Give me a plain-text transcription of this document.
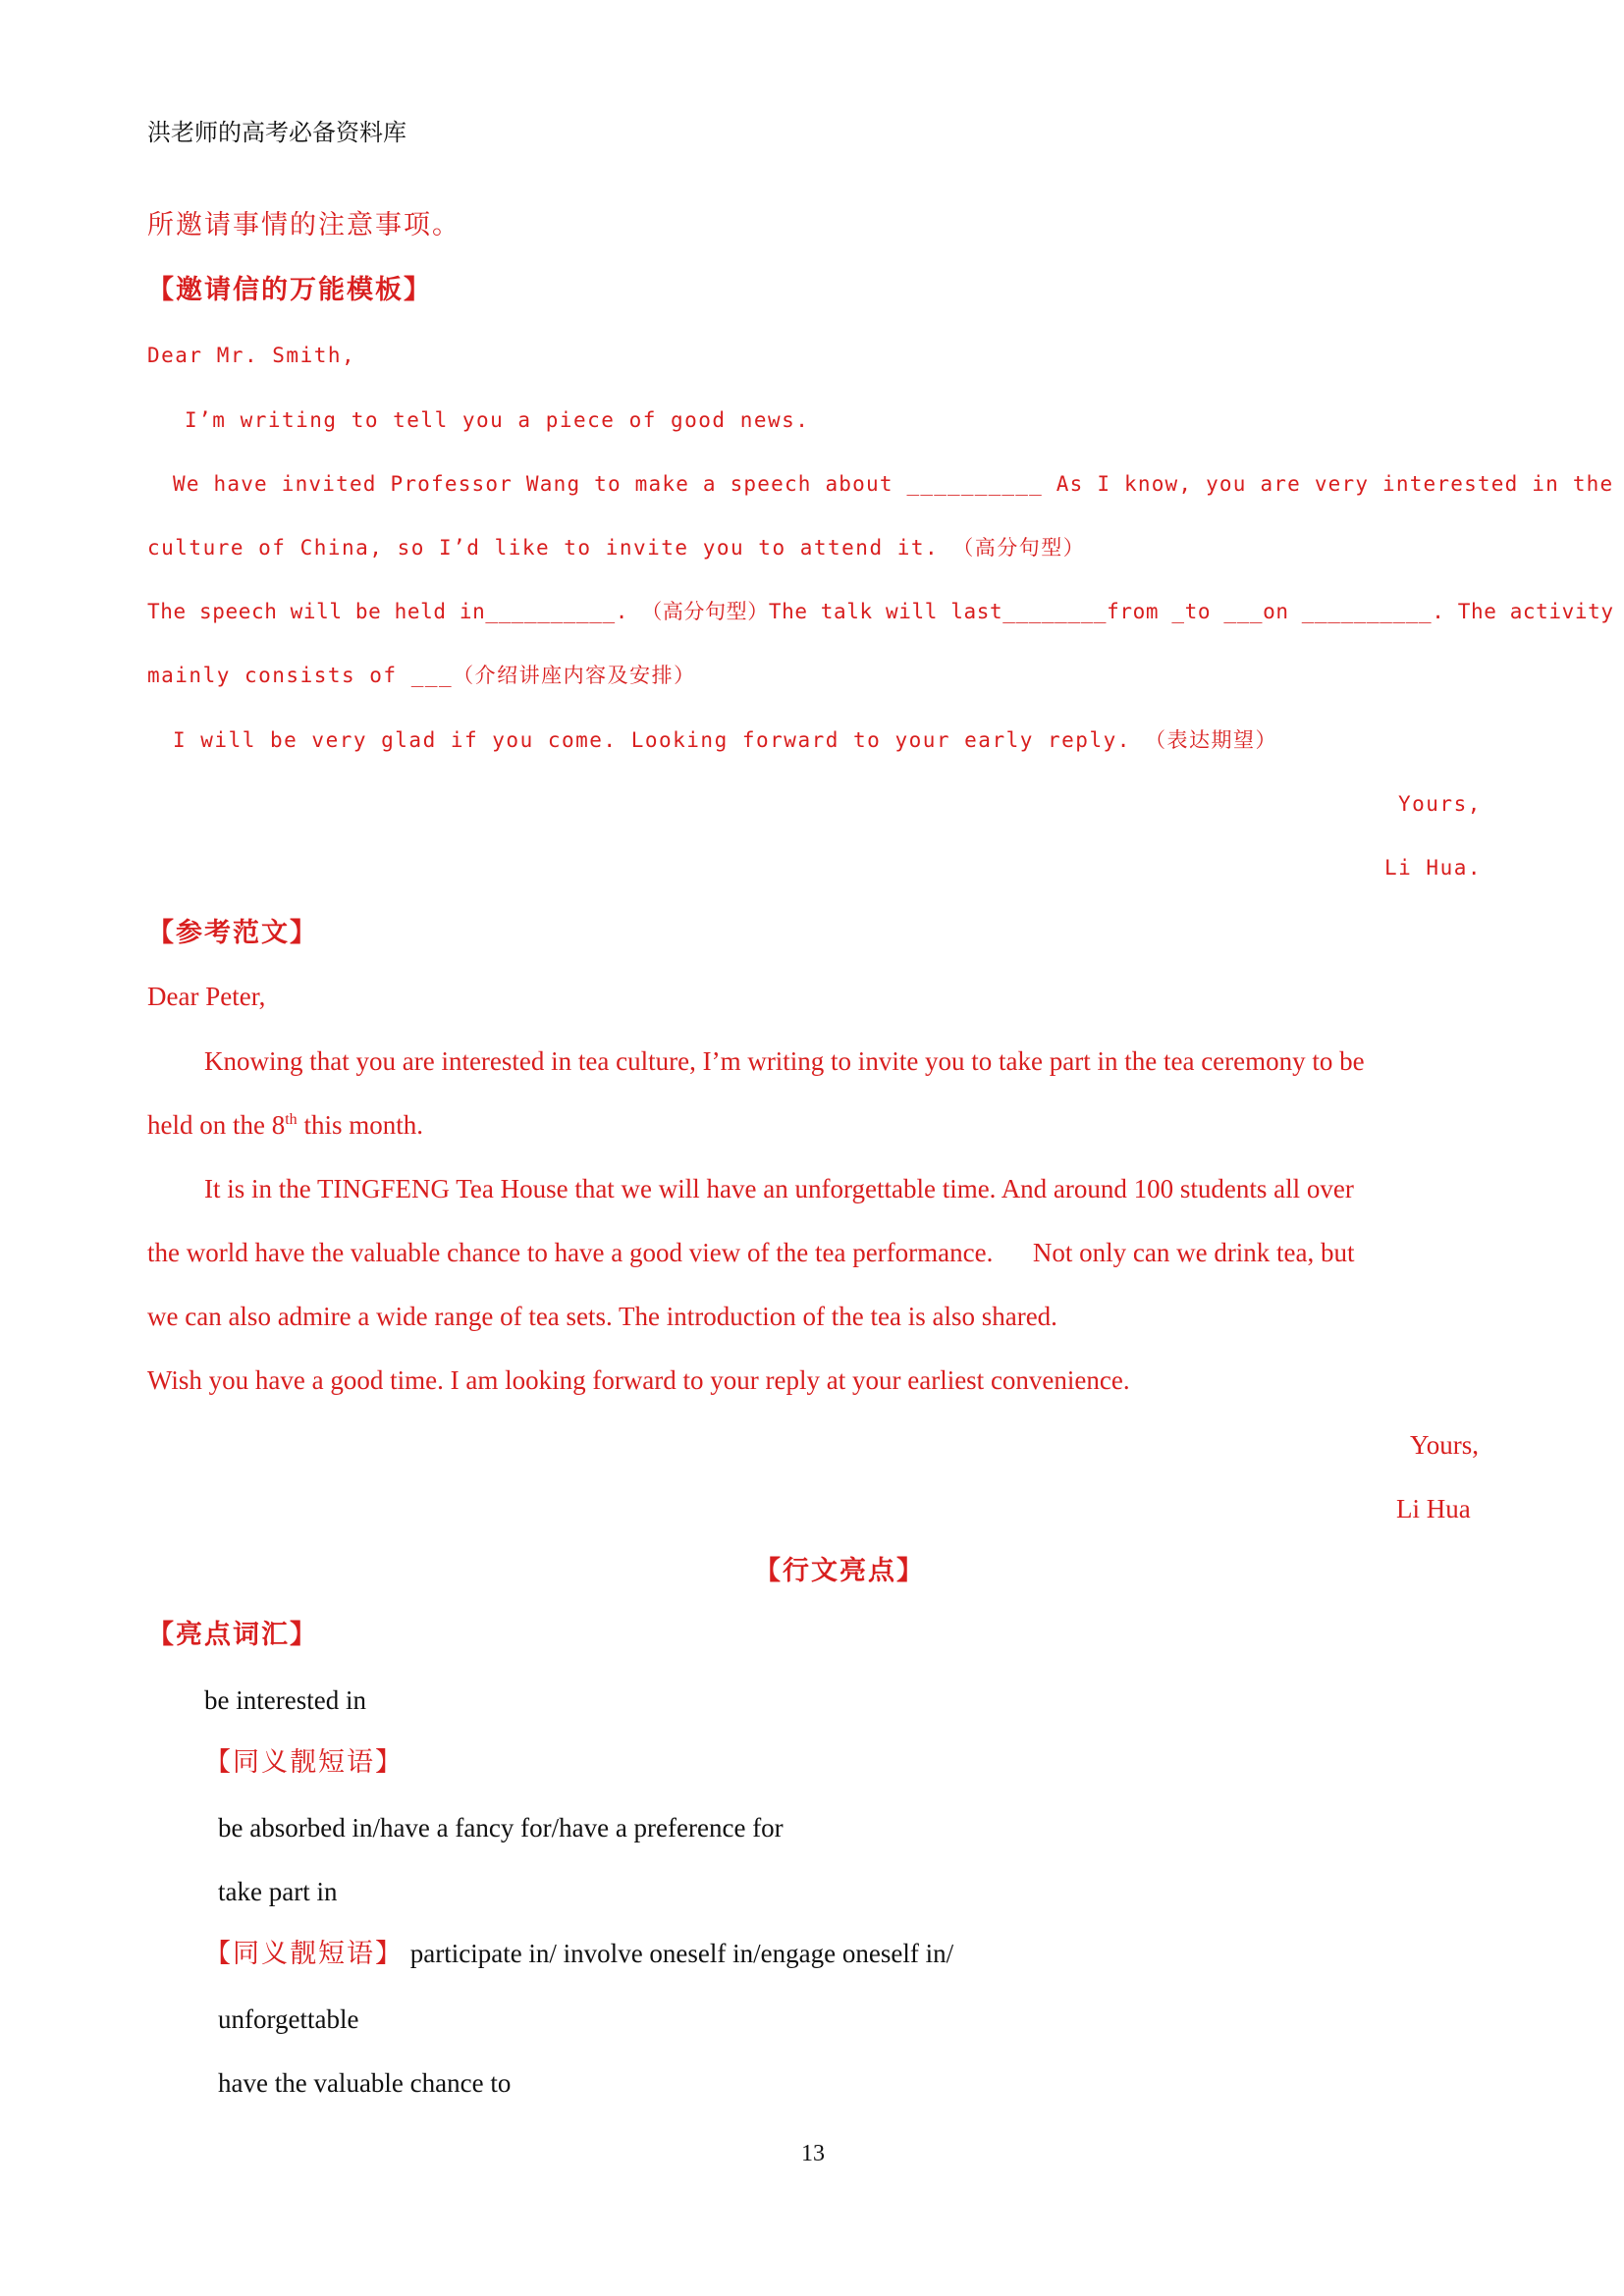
洪老师的高考必备资料库
所邀请事情的注意事项。
【邀请信的万能模板】
Dear Mr. Smith,
I’m writing to tell you a piece of good news.
We have invited Professor Wang to make a speech about __________ As I know, you are very interested in the
culture of China, so I’d like to invite you to attend it. （高分句型）
The speech will be held in__________. （高分句型）The talk will last________from _to ___on __________. The activity
mainly consists of ___（介绍讲座内容及安排）
I will be very glad if you come. Looking forward to your early reply. （表达期望）
Yours,
Li Hua.
【参考范文】
Dear Peter,
Knowing that you are interested in tea culture, I’m writing to invite you to take part in the tea ceremony to be
held on the 8th this month.
It is in the TINGFENG Tea House that we will have an unforgettable time. And around 100 students all over
the world have the valuable chance to have a good view of the tea performance.      Not only can we drink tea, but
we can also admire a wide range of tea sets. The introduction of the tea is also shared.
Wish you have a good time. I am looking forward to your reply at your earliest convenience.
Yours,
Li Hua
【行文亮点】
【亮点词汇】
be interested in
【同义靓短语】
be absorbed in/have a fancy for/have a preference for
take part in
【同义靓短语】 participate in/ involve oneself in/engage oneself in/
unforgettable
have the valuable chance to
13
